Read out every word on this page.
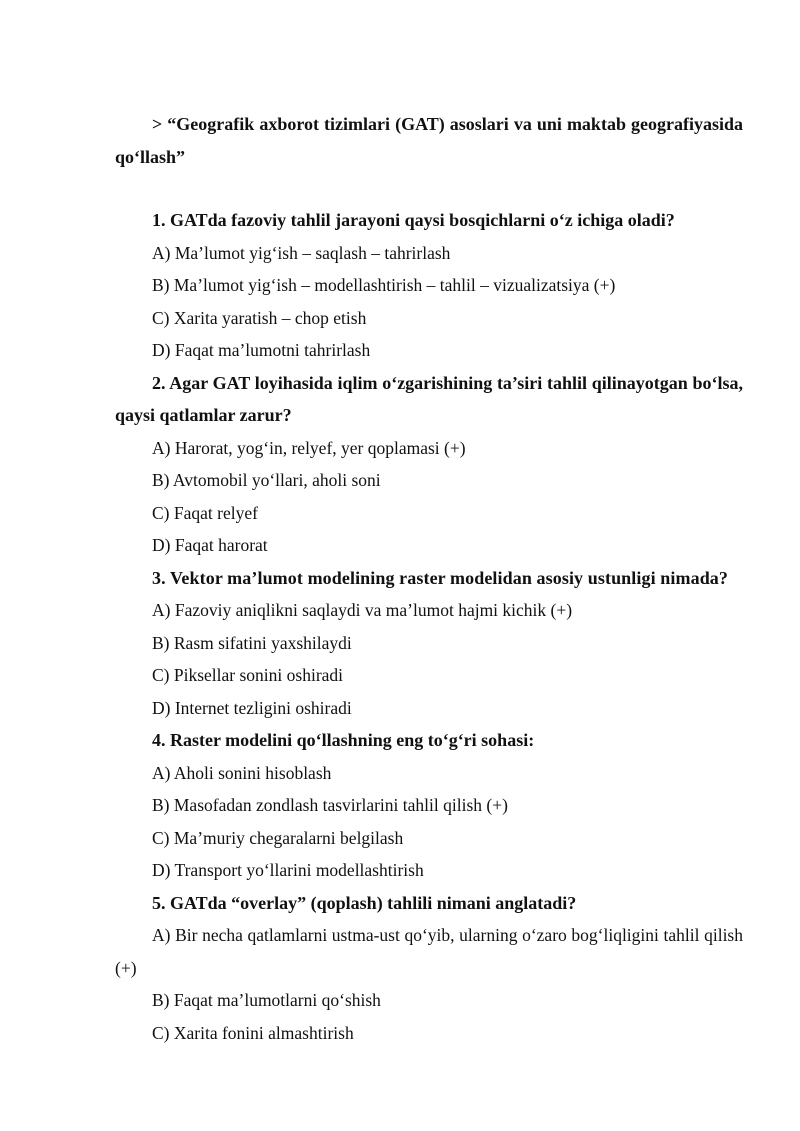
> “Geografik axborot tizimlari (GAT) asoslari va uni maktab geografiyasida qo‘llash”

1. GATda fazoviy tahlil jarayoni qaysi bosqichlarni o‘z ichiga oladi?

A) Ma’lumot yig‘ish – saqlash – tahrirlash

B) Ma’lumot yig‘ish – modellashtirish – tahlil – vizualizatsiya (+)

C) Xarita yaratish – chop etish

D) Faqat ma’lumotni tahrirlash

2. Agar GAT loyihasida iqlim o‘zgarishining ta’siri tahlil qilinayotgan bo‘lsa, qaysi qatlamlar zarur?

A) Harorat, yog‘in, relyef, yer qoplamasi (+)

B) Avtomobil yo‘llari, aholi soni

C) Faqat relyef

D) Faqat harorat

3. Vektor ma’lumot modelining raster modelidan asosiy ustunligi nimada?

A) Fazoviy aniqlikni saqlaydi va ma’lumot hajmi kichik (+)

B) Rasm sifatini yaxshilaydi

C) Piksellar sonini oshiradi

D) Internet tezligini oshiradi

4. Raster modelini qo‘llashning eng to‘g‘ri sohasi:

A) Aholi sonini hisoblash

B) Masofadan zondlash tasvirlarini tahlil qilish (+)

C) Ma’muriy chegaralarni belgilash

D) Transport yo‘llarini modellashtirish

5. GATda “overlay” (qoplash) tahlili nimani anglatadi?

A) Bir necha qatlamlarni ustma-ust qo‘yib, ularning o‘zaro bog‘liqligini tahlil qilish (+)

B) Faqat ma’lumotlarni qo‘shish

C) Xarita fonini almashtirish
